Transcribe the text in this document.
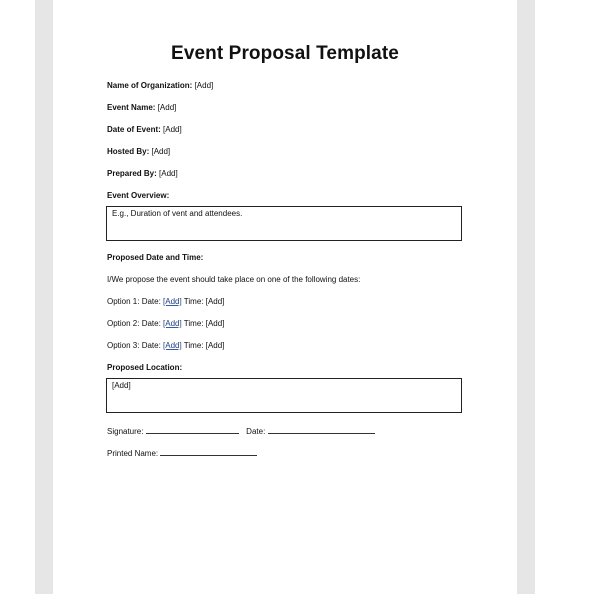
Event Proposal Template
Name of Organization: [Add]
Event Name: [Add]
Date of Event: [Add]
Hosted By: [Add]
Prepared By: [Add]
Event Overview:
E.g., Duration of vent and attendees.
Proposed Date and Time:
I/We propose the event should take place on one of the following dates:
Option 1: Date: [Add] Time: [Add]
Option 2: Date: [Add] Time: [Add]
Option 3: Date: [Add] Time: [Add]
Proposed Location:
[Add]
Signature:	Date:
Printed Name:
